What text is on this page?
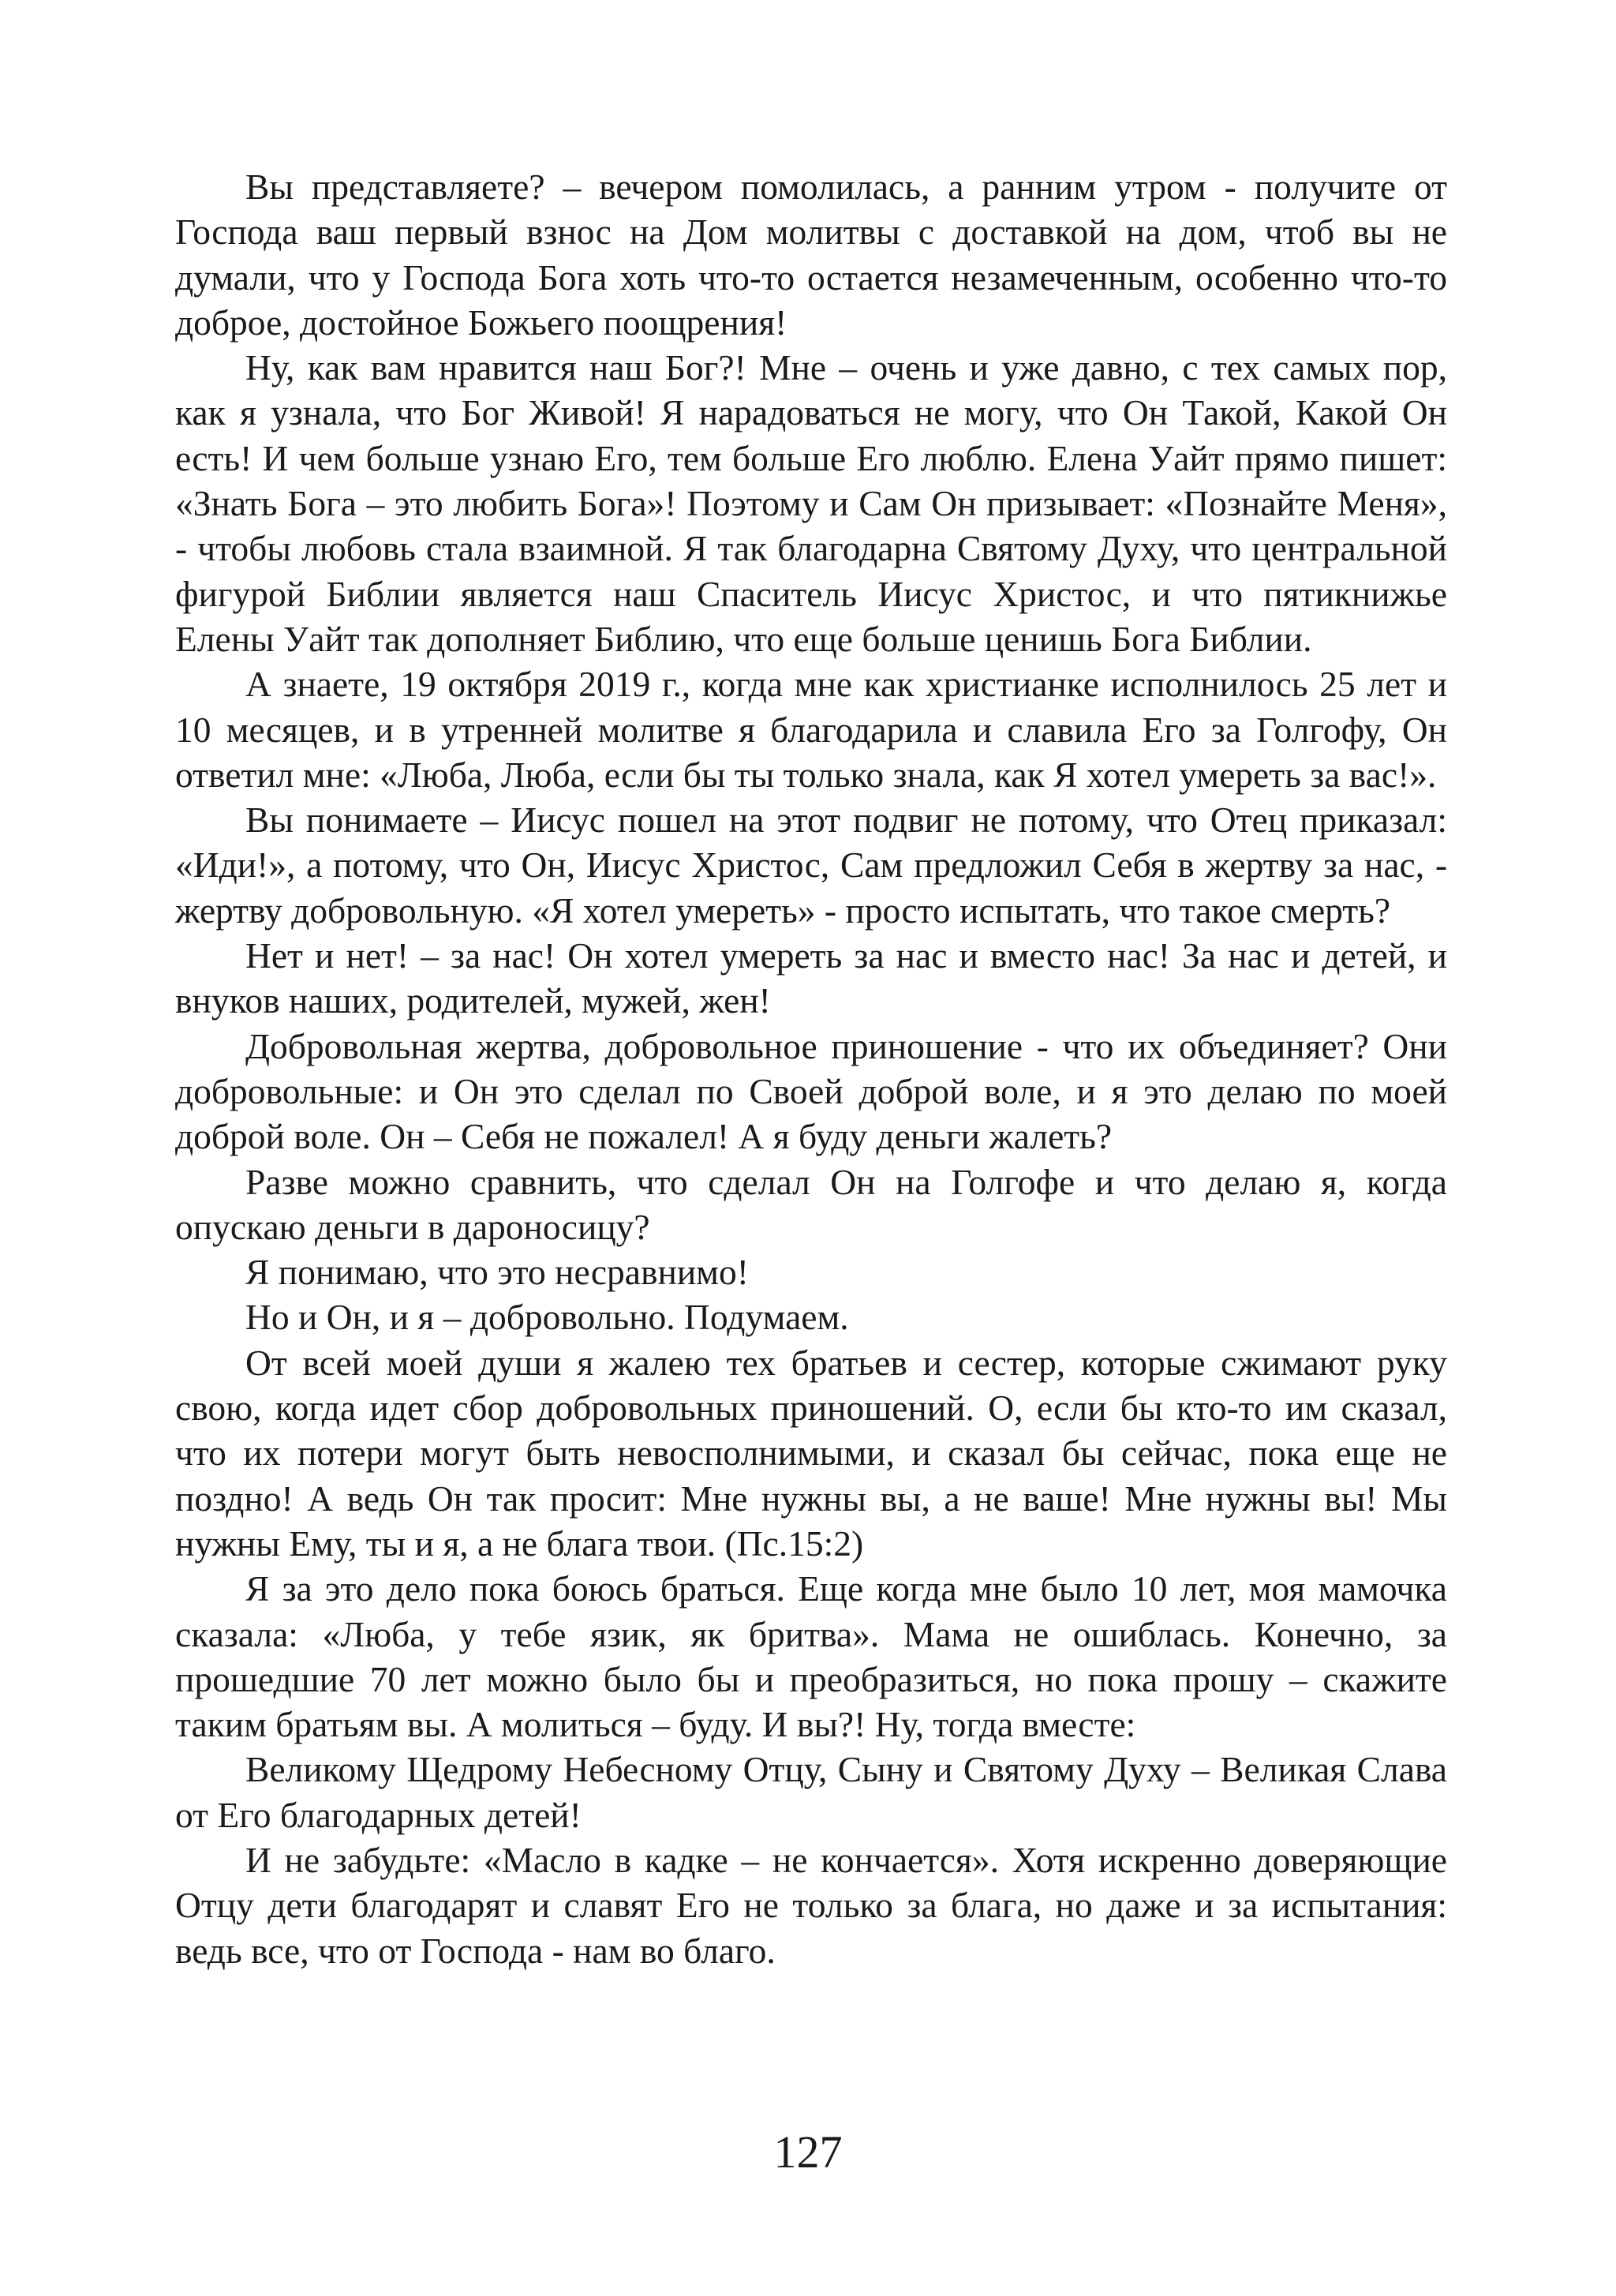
Вы представляете? – вечером помолилась, а ранним утром - получите от Господа ваш первый взнос на Дом молитвы с доставкой на дом, чтоб вы не думали, что у Господа Бога хоть что-то остается незамеченным, особенно что-то доброе, достойное Божьего поощрения!

Ну, как вам нравится наш Бог?! Мне – очень и уже давно, с тех самых пор, как я узнала, что Бог Живой! Я нарадоваться не могу, что Он Такой, Какой Он есть! И чем больше узнаю Его, тем больше Его люблю. Елена Уайт прямо пишет: «Знать Бога – это любить Бога»! Поэтому и Сам Он призывает: «Познайте Меня», - чтобы любовь стала взаимной. Я так благодарна Святому Духу, что центральной фигурой Библии является наш Спаситель Иисус Христос, и что пятикнижье Елены Уайт так дополняет Библию, что еще больше ценишь Бога Библии.

А знаете, 19 октября 2019 г., когда мне как христианке исполнилось 25 лет и 10 месяцев, и в утренней молитве я благодарила и славила Его за Голгофу, Он ответил мне: «Люба, Люба, если бы ты только знала, как Я хотел умереть за вас!».

Вы понимаете – Иисус пошел на этот подвиг не потому, что Отец приказал: «Иди!», а потому, что Он, Иисус Христос, Сам предложил Себя в жертву за нас, - жертву добровольную. «Я хотел умереть» - просто испытать, что такое смерть?

Нет и нет! – за нас! Он хотел умереть за нас и вместо нас! За нас и детей, и внуков наших, родителей, мужей, жен!

Добровольная жертва, добровольное приношение - что их объединяет? Они добровольные: и Он это сделал по Своей доброй воле, и я это делаю по моей доброй воле. Он – Себя не пожалел! А я буду деньги жалеть?

Разве можно сравнить, что сделал Он на Голгофе и что делаю я, когда опускаю деньги в дароносицу?

Я понимаю, что это несравнимо!

Но и Он, и я – добровольно. Подумаем.

От всей моей души я жалею тех братьев и сестер, которые сжимают руку свою, когда идет сбор добровольных приношений. О, если бы кто-то им сказал, что их потери могут быть невосполнимыми, и сказал бы сейчас, пока еще не поздно! А ведь Он так просит: Мне нужны вы, а не ваше! Мне нужны вы! Мы нужны Ему, ты и я, а не блага твои. (Пс.15:2)

Я за это дело пока боюсь браться. Еще когда мне было 10 лет, моя мамочка сказала: «Люба, у тебе язик, як бритва». Мама не ошиблась. Конечно, за прошедшие 70 лет можно было бы и преобразиться, но пока прошу – скажите таким братьям вы. А молиться – буду. И вы?! Ну, тогда вместе:

Великому Щедрому Небесному Отцу, Сыну и Святому Духу – Великая Слава от Его благодарных детей!

И не забудьте: «Масло в кадке – не кончается». Хотя искренно доверяющие Отцу дети благодарят и славят Его не только за блага, но даже и за испытания: ведь все, что от Господа - нам во благо.

127
